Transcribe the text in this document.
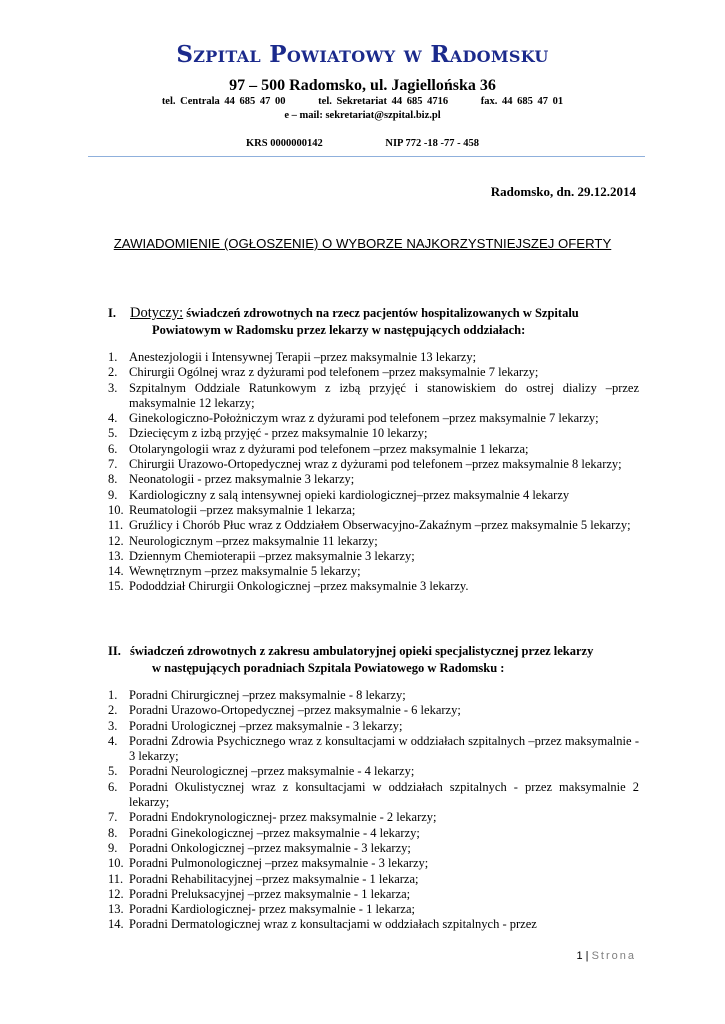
Szpital Powiatowy w Radomsku
97 – 500 Radomsko, ul. Jagiellońska 36
tel. Centrala 44 685 47 00	tel. Sekretariat 44 685 4716	fax. 44 685 47 01
e – mail: sekretariat@szpital.biz.pl
KRS 0000000142	NIP 772 -18 -77 - 458
Radomsko, dn. 29.12.2014
ZAWIADOMIENIE (OGŁOSZENIE) O WYBORZE NAJKORZYSTNIEJSZEJ OFERTY
I. Dotyczy: świadczeń zdrowotnych na rzecz pacjentów hospitalizowanych w Szpitalu
Powiatowym w Radomsku przez lekarzy w następujących oddziałach:
1. Anestezjologii i Intensywnej Terapii –przez maksymalnie 13 lekarzy;
2. Chirurgii Ogólnej wraz z dyżurami pod telefonem –przez maksymalnie 7 lekarzy;
3. Szpitalnym Oddziale Ratunkowym z izbą przyjęć i stanowiskiem do ostrej dializy –przez maksymalnie 12 lekarzy;
4. Ginekologiczno-Położniczym wraz z dyżurami pod telefonem –przez maksymalnie 7 lekarzy;
5. Dziecięcym z izbą przyjęć - przez maksymalnie 10 lekarzy;
6. Otolaryngologii wraz z dyżurami pod telefonem –przez maksymalnie 1 lekarza;
7. Chirurgii Urazowo-Ortopedycznej wraz z dyżurami pod telefonem –przez maksymalnie 8 lekarzy;
8. Neonatologii - przez maksymalnie 3 lekarzy;
9. Kardiologiczny z salą intensywnej opieki kardiologicznej–przez maksymalnie 4 lekarzy
10. Reumatologii –przez maksymalnie 1 lekarza;
11. Gruźlicy i Chorób Płuc wraz z Oddziałem Obserwacyjno-Zakaźnym –przez maksymalnie 5 lekarzy;
12. Neurologicznym –przez maksymalnie 11 lekarzy;
13. Dziennym Chemioterapii –przez maksymalnie 3 lekarzy;
14. Wewnętrznym –przez maksymalnie 5 lekarzy;
15. Pododdział Chirurgii Onkologicznej –przez maksymalnie 3 lekarzy.
II. świadczeń zdrowotnych z zakresu ambulatoryjnej opieki specjalistycznej przez lekarzy
w następujących poradniach Szpitala Powiatowego w Radomsku :
1. Poradni Chirurgicznej –przez maksymalnie - 8 lekarzy;
2. Poradni Urazowo-Ortopedycznej –przez maksymalnie - 6 lekarzy;
3. Poradni Urologicznej –przez maksymalnie - 3 lekarzy;
4. Poradni Zdrowia Psychicznego wraz z konsultacjami w oddziałach szpitalnych –przez maksymalnie - 3 lekarzy;
5. Poradni Neurologicznej –przez maksymalnie - 4 lekarzy;
6. Poradni Okulistycznej wraz z konsultacjami w oddziałach szpitalnych - przez maksymalnie 2 lekarzy;
7. Poradni Endokrynologicznej- przez maksymalnie - 2 lekarzy;
8. Poradni Ginekologicznej –przez maksymalnie - 4 lekarzy;
9. Poradni Onkologicznej –przez maksymalnie - 3 lekarzy;
10. Poradni Pulmonologicznej –przez maksymalnie - 3 lekarzy;
11. Poradni Rehabilitacyjnej –przez maksymalnie - 1 lekarza;
12. Poradni Preluksacyjnej –przez maksymalnie - 1 lekarza;
13. Poradni Kardiologicznej- przez maksymalnie - 1 lekarza;
14. Poradni Dermatologicznej wraz z konsultacjami w oddziałach szpitalnych - przez
1 | Strona
